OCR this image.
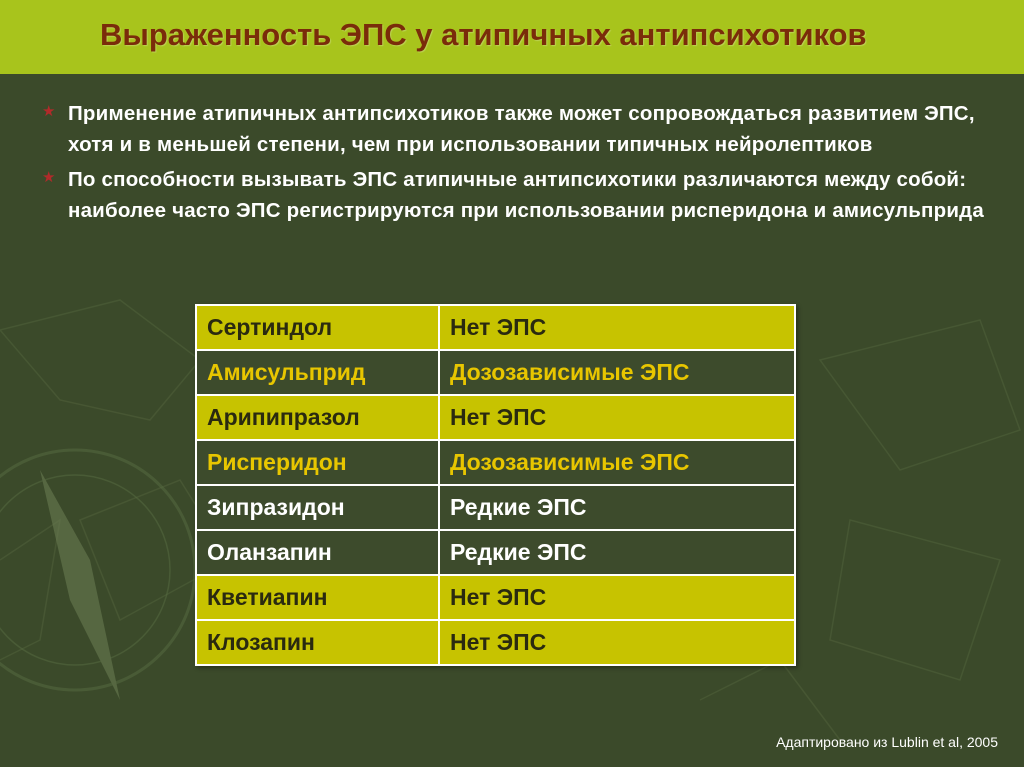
Выраженность ЭПС у атипичных антипсихотиков
★ Применение атипичных антипсихотиков также может сопровождаться развитием ЭПС, хотя и в меньшей степени, чем при использовании типичных нейролептиков
★ По способности вызывать ЭПС атипичные антипсихотики различаются между собой: наиболее часто ЭПС регистрируются при использовании рисперидона и амисульприда
Сертиндол	Нет ЭПС
Амисульприд	Дозозависимые ЭПС
Арипипразол	Нет ЭПС
Рисперидон	Дозозависимые ЭПС
Зипразидон	Редкие ЭПС
Оланзапин	Редкие ЭПС
Кветиапин	Нет ЭПС
Клозапин	Нет ЭПС
Адаптировано из Lublin et al, 2005
